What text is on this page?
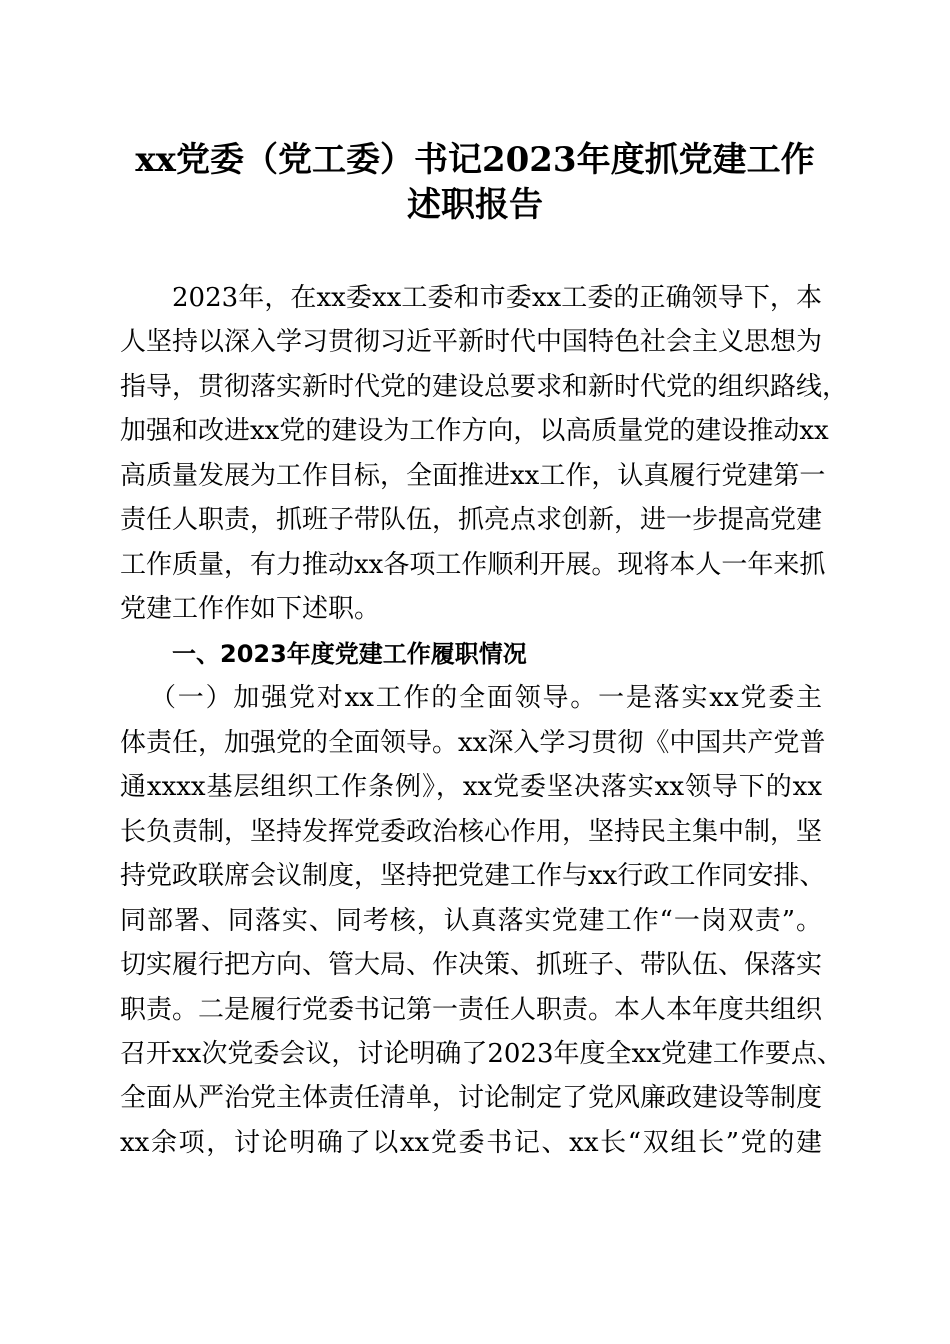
xx党委（党工委）书记2023年度抓党建工作
述职报告
2023年，在xx委xx工委和市委xx工委的正确领导下，本
人坚持以深入学习贯彻习近平新时代中国特色社会主义思想为
指导，贯彻落实新时代党的建设总要求和新时代党的组织路线，
加强和改进xx党的建设为工作方向，以高质量党的建设推动xx
高质量发展为工作目标，全面推进xx工作，认真履行党建第一
责任人职责，抓班子带队伍，抓亮点求创新，进一步提高党建
工作质量，有力推动xx各项工作顺利开展。现将本人一年来抓
党建工作作如下述职。
一、2023年度党建工作履职情况
（一）加强党对xx工作的全面领导。一是落实xx党委主
体责任，加强党的全面领导。xx深入学习贯彻《中国共产党普
通xxxx基层组织工作条例》，xx党委坚决落实xx领导下的xx
长负责制，坚持发挥党委政治核心作用，坚持民主集中制，坚
持党政联席会议制度，坚持把党建工作与xx行政工作同安排、
同部署、同落实、同考核，认真落实党建工作“一岗双责”。
切实履行把方向、管大局、作决策、抓班子、带队伍、保落实
职责。二是履行党委书记第一责任人职责。本人本年度共组织
召开xx次党委会议，讨论明确了2023年度全xx党建工作要点、
全面从严治党主体责任清单，讨论制定了党风廉政建设等制度
xx余项，讨论明确了以xx党委书记、xx长“双组长”党的建
